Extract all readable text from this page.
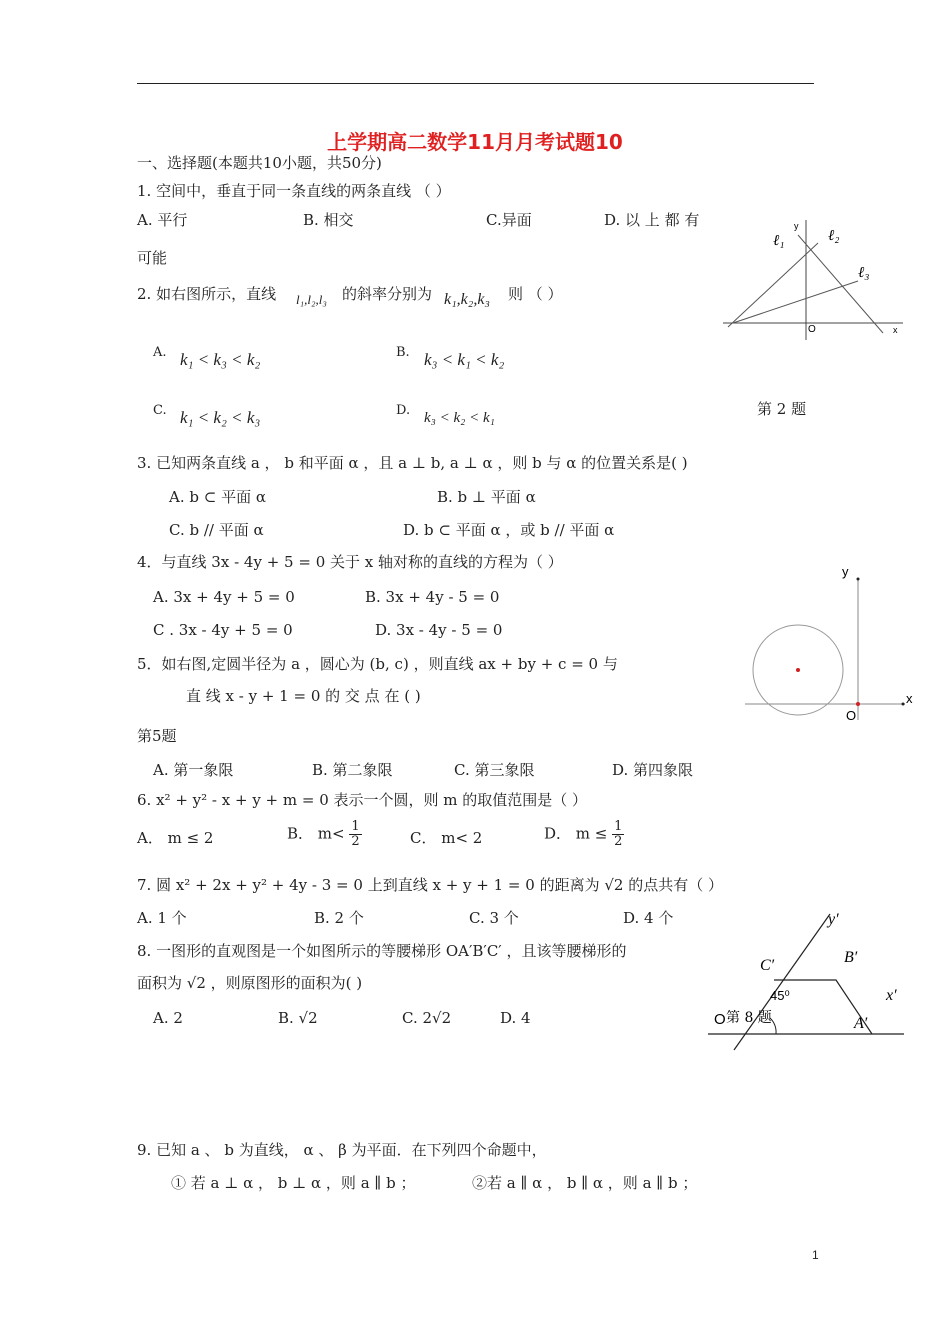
上学期高二数学11月月考试题10
一、选择题(本题共10小题，共50分)
1. 空间中，垂直于同一条直线的两条直线 （ ）
A. 平行	B. 相交	C.异面	D. 以 上 都 有
可能
2. 如右图所示，直线 l₁,l₂,l₃ 的斜率分别为 k₁,k₂,k₃ 则 （ ）
A. k₁ < k₃ < k₂	B. k₃ < k₁ < k₂
C. k₁ < k₂ < k₃	D. k₃ < k₂ < k₁	第 2 题
ℓ₁	ℓ₂
ℓ₃
y
O	x
3. 已知两条直线 a ， b 和平面 α ，且 a ⊥ b, a ⊥ α ，则 b 与 α 的位置关系是( )
A. b ⊂ 平面 α	B. b ⊥ 平面 α
C. b // 平面 α	D. b ⊂ 平面 α ，或 b // 平面 α
4．与直线 3x - 4y + 5 = 0 关于 x 轴对称的直线的方程为（ ）
A. 3x + 4y + 5 = 0	B. 3x + 4y - 5 = 0
C . 3x - 4y + 5 = 0	D. 3x - 4y - 5 = 0
5．如右图,定圆半径为 a ，圆心为 (b, c) ，则直线 ax + by + c = 0 与
直 线 x - y + 1 = 0 的 交 点 在 ( )
第5题
A. 第一象限	B. 第二象限	C. 第三象限	D. 第四象限
y
x
O
6. x² + y² - x + y + m = 0 表示一个圆，则 m 的取值范围是（ ）
A． m ≤ 2	B． $m< \frac{1}{2}$	C． m< 2	D． $m \le \frac{1}{2}$
7. 圆 x² + 2x + y² + 4y - 3 = 0 上到直线 x + y + 1 = 0 的距离为 √2 的点共有（ ）
A. 1 个	B. 2 个	C. 3 个	D. 4 个
8. 一图形的直观图是一个如图所示的等腰梯形 OA′B′C′ ，且该等腰梯形的
面积为 √2 ，则原图形的面积为( )
A. 2	B. √2	C. 2√2	D. 4
y′
B′
C′
x′
45⁰
O 第 8 题	A′
9. 已知 a 、 b 为直线， α 、 β 为平面．在下列四个命题中，
① 若 a ⊥ α ， b ⊥ α ，则 a ∥ b ；	②若 a ∥ α ， b ∥ α ，则 a ∥ b ；
1
